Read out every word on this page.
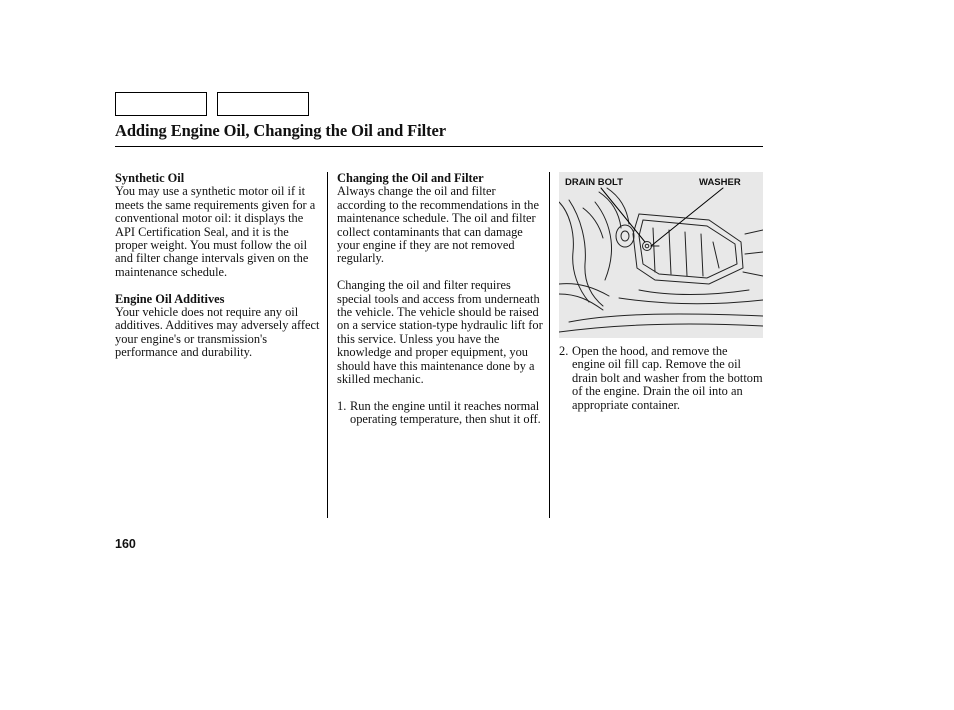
Adding Engine Oil, Changing the Oil and Filter

Synthetic Oil

You may use a synthetic motor oil if it meets the same requirements given for a conventional motor oil: it displays the API Certification Seal, and it is the proper weight. You must follow the oil and filter change intervals given on the maintenance schedule.

Engine Oil Additives

Your vehicle does not require any oil additives. Additives may adversely affect your engine's or transmission's performance and durability.

Changing the Oil and Filter

Always change the oil and filter according to the recommendations in the maintenance schedule. The oil and filter collect contaminants that can damage your engine if they are not removed regularly.

Changing the oil and filter requires special tools and access from underneath the vehicle. The vehicle should be raised on a service station-type hydraulic lift for this service. Unless you have the knowledge and proper equipment, you should have this maintenance done by a skilled mechanic.

1. Run the engine until it reaches normal operating temperature, then shut it off.
DRAIN BOLT	WASHER
2. Open the hood, and remove the engine oil fill cap. Remove the oil drain bolt and washer from the bottom of the engine. Drain the oil into an appropriate container.
160
